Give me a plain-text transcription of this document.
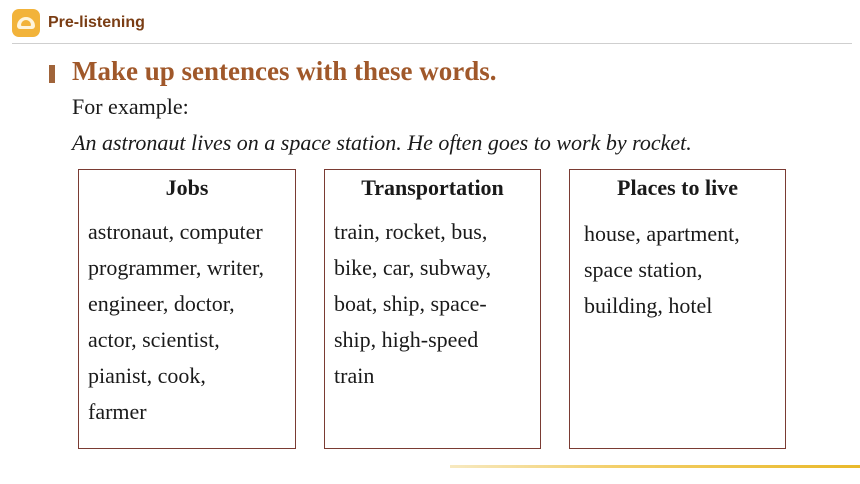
Pre-listening
Make up sentences with these words.
For example:
An astronaut lives on a space station. He often goes to work by rocket.
Jobs
astronaut, computer
programmer, writer,
engineer, doctor,
actor, scientist,
pianist, cook,
farmer
Transportation
train, rocket, bus,
bike, car, subway,
boat, ship, space-
ship, high-speed
train
Places to live
house, apartment,
space station,
building, hotel
